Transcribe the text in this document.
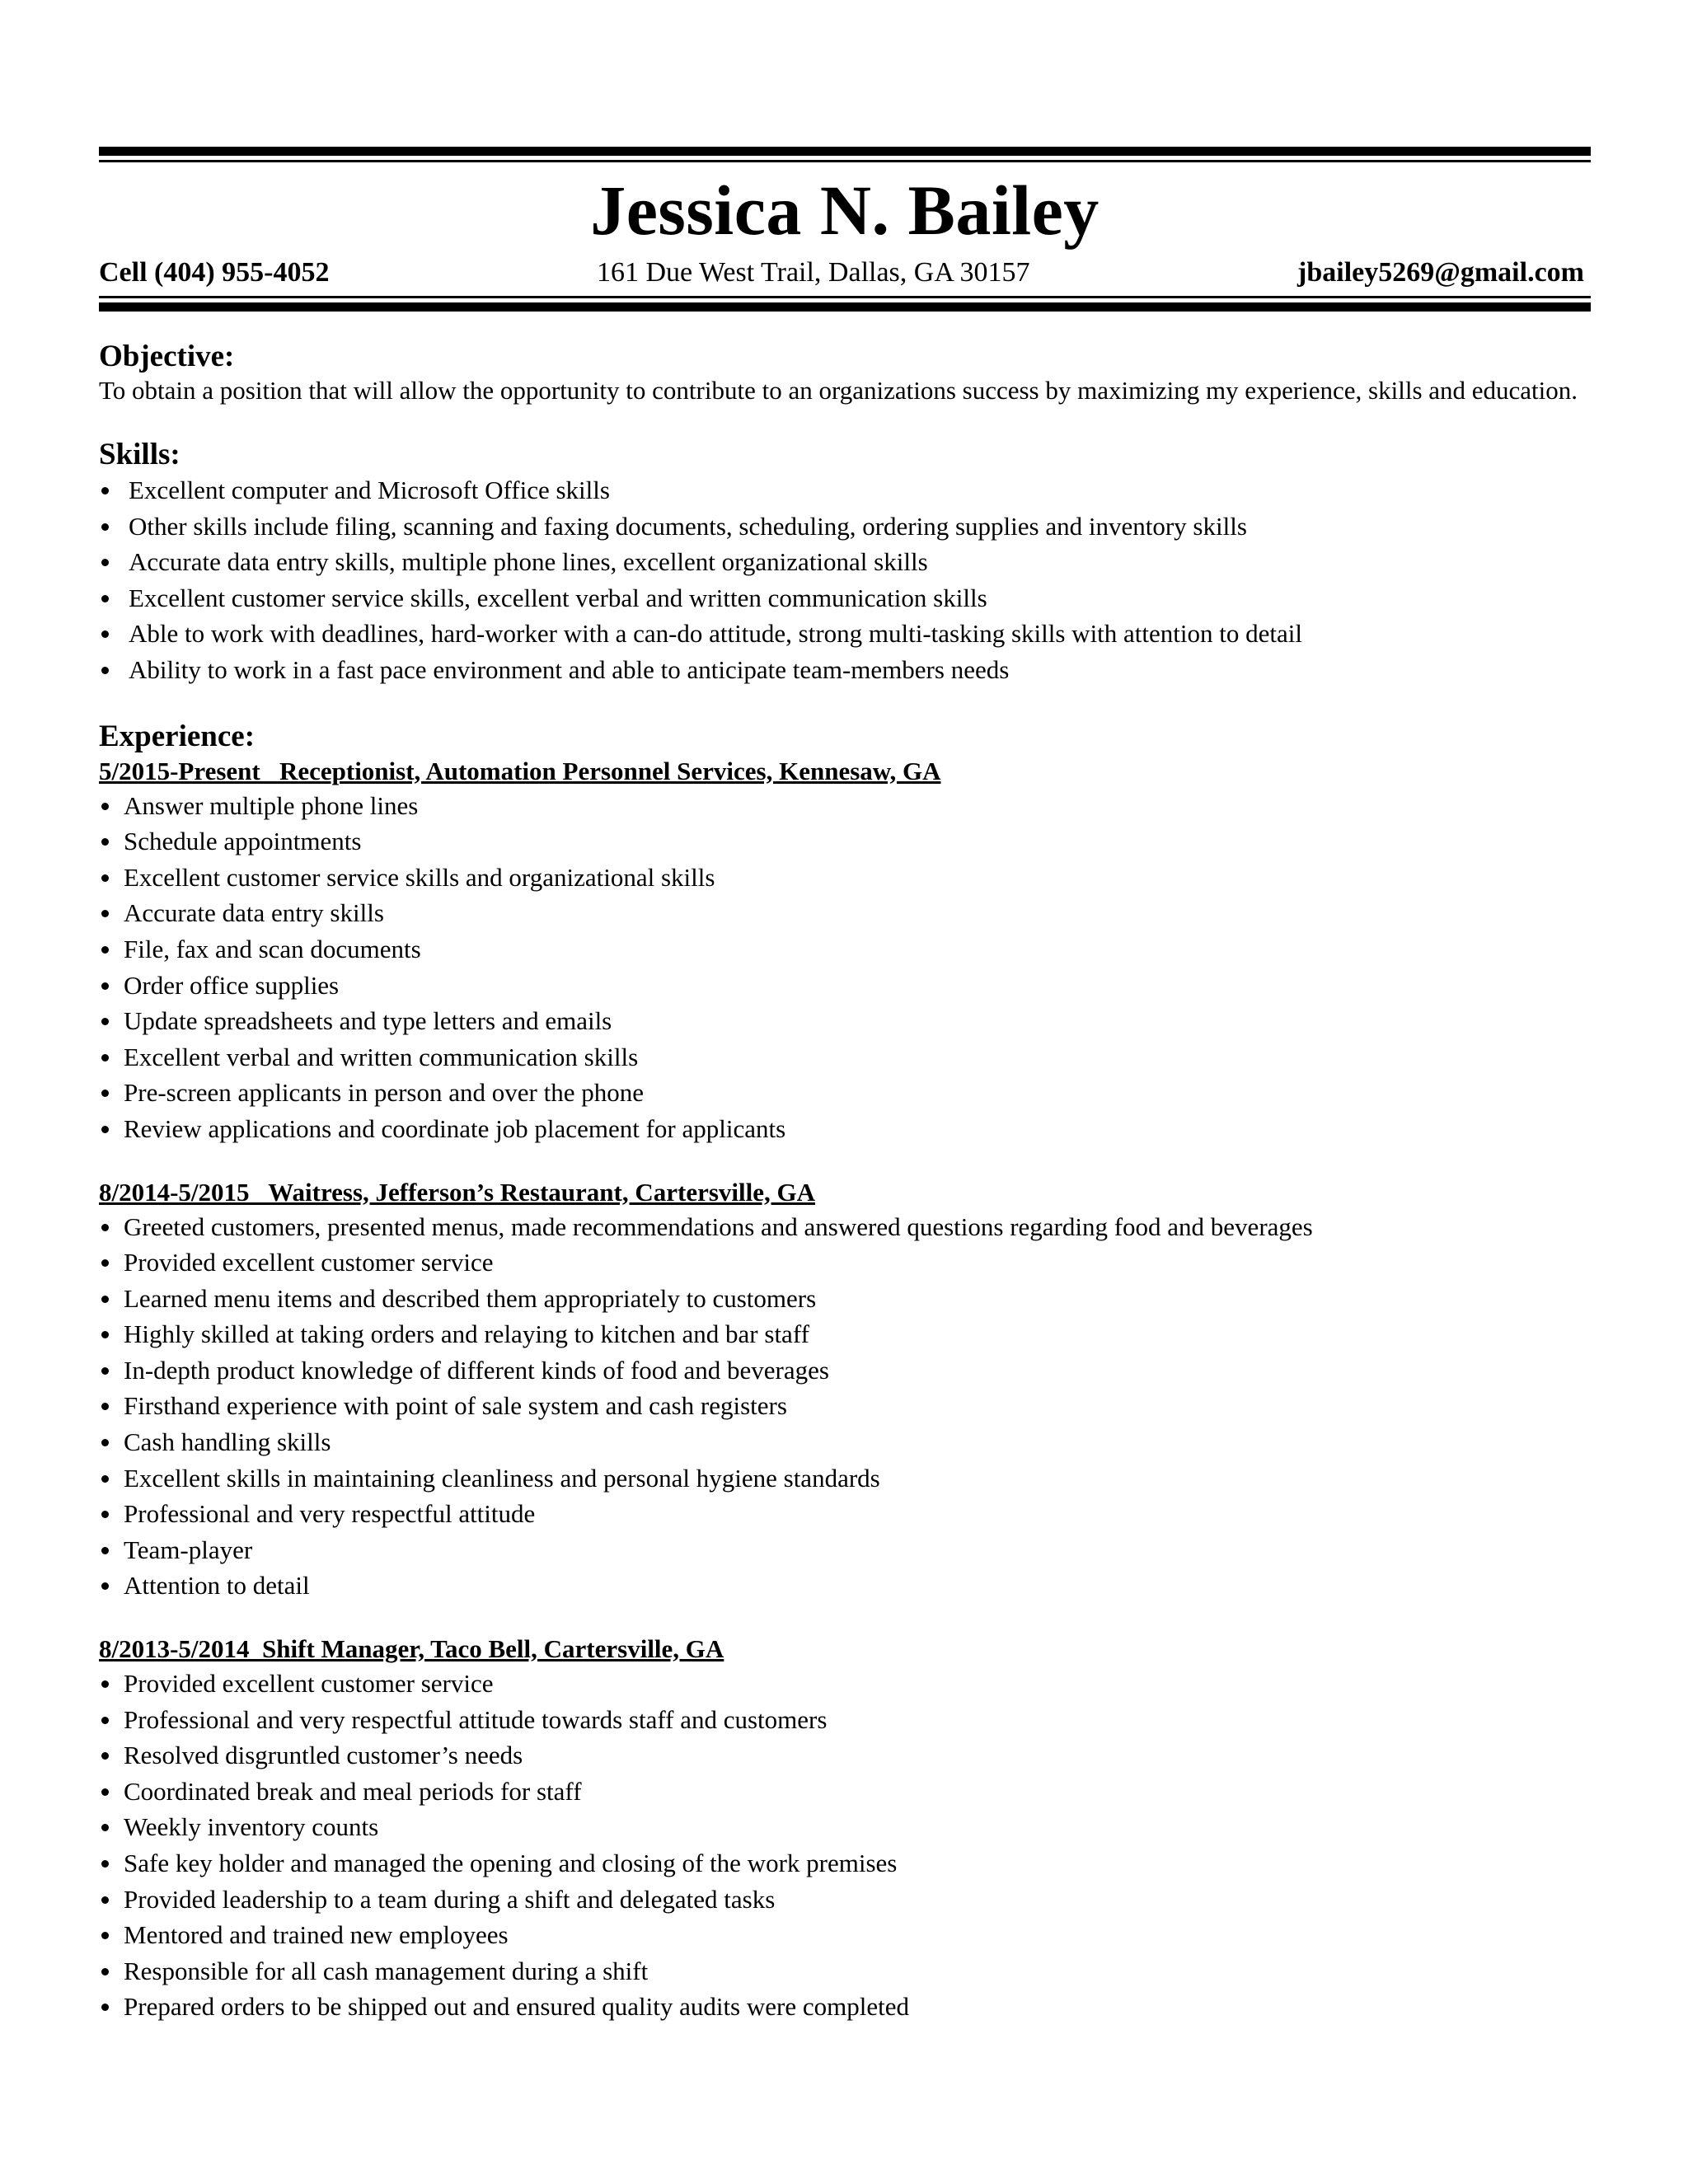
Jessica N. Bailey
Cell (404) 955-4052	161 Due West Trail, Dallas, GA 30157	jbailey5269@gmail.com
Objective:
To obtain a position that will allow the opportunity to contribute to an organizations success by maximizing my experience, skills and education.
Skills:
Excellent computer and Microsoft Office skills
Other skills include filing, scanning and faxing documents, scheduling, ordering supplies and inventory skills
Accurate data entry skills, multiple phone lines, excellent organizational skills
Excellent customer service skills, excellent verbal and written communication skills
Able to work with deadlines, hard-worker with a can-do attitude, strong multi-tasking skills with attention to detail
Ability to work in a fast pace environment and able to anticipate team-members needs
Experience:
5/2015-Present   Receptionist, Automation Personnel Services, Kennesaw, GA
Answer multiple phone lines
Schedule appointments
Excellent customer service skills and organizational skills
Accurate data entry skills
File, fax and scan documents
Order office supplies
Update spreadsheets and type letters and emails
Excellent verbal and written communication skills
Pre-screen applicants in person and over the phone
Review applications and coordinate job placement for applicants
8/2014-5/2015   Waitress, Jefferson’s Restaurant, Cartersville, GA
Greeted customers, presented menus, made recommendations and answered questions regarding food and beverages
Provided excellent customer service
Learned menu items and described them appropriately to customers
Highly skilled at taking orders and relaying to kitchen and bar staff
In-depth product knowledge of different kinds of food and beverages
Firsthand experience with point of sale system and cash registers
Cash handling skills
Excellent skills in maintaining cleanliness and personal hygiene standards
Professional and very respectful attitude
Team-player
Attention to detail
8/2013-5/2014  Shift Manager, Taco Bell, Cartersville, GA
Provided excellent customer service
Professional and very respectful attitude towards staff and customers
Resolved disgruntled customer’s needs
Coordinated break and meal periods for staff
Weekly inventory counts
Safe key holder and managed the opening and closing of the work premises
Provided leadership to a team during a shift and delegated tasks
Mentored and trained new employees
Responsible for all cash management during a shift
Prepared orders to be shipped out and ensured quality audits were completed
